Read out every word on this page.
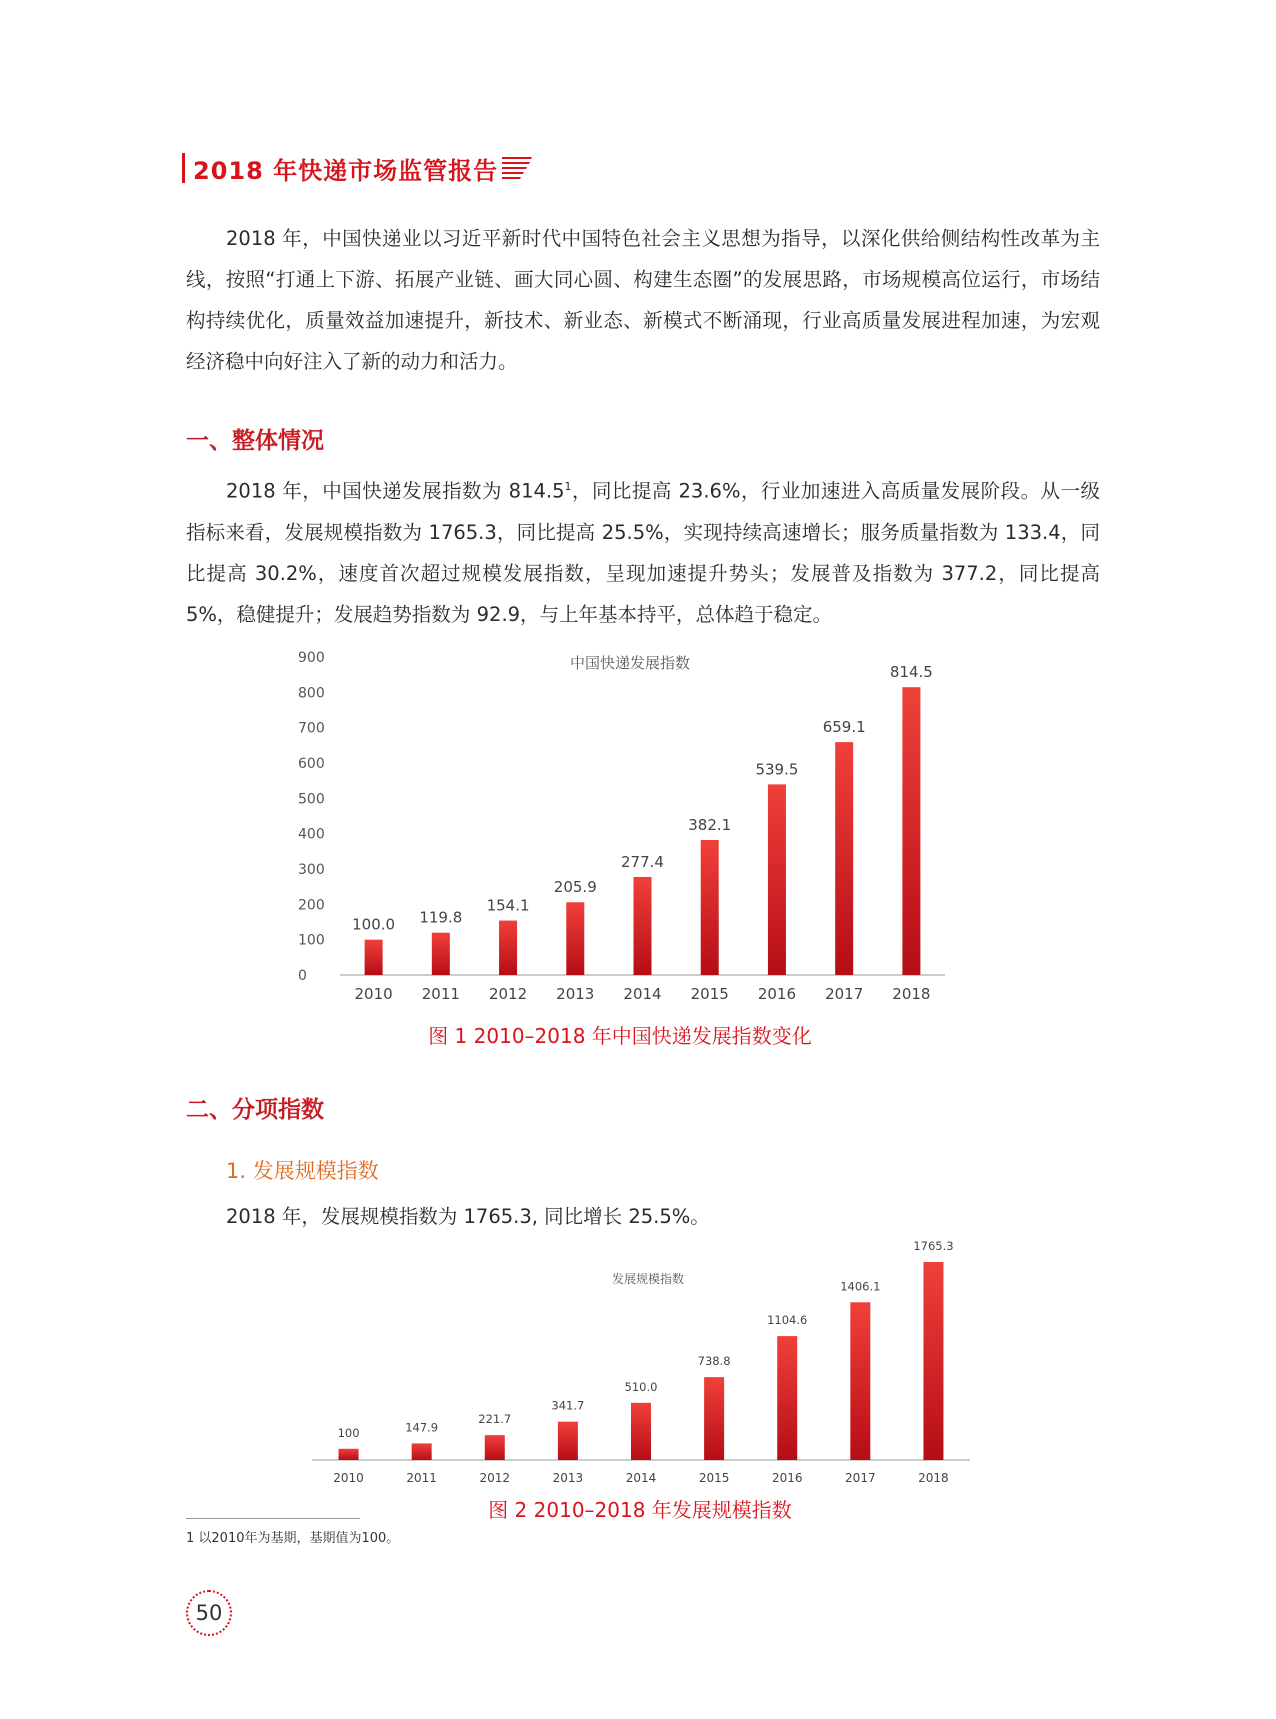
2018 年快递市场监管报告

2018 年，中国快递业以习近平新时代中国特色社会主义思想为指导，以深化供给侧结构性改革为主线，按照“打通上下游、拓展产业链、画大同心圆、构建生态圈”的发展思路，市场规模高位运行，市场结构持续优化，质量效益加速提升，新技术、新业态、新模式不断涌现，行业高质量发展进程加速，为宏观经济稳中向好注入了新的动力和活力。

一、整体情况

2018 年，中国快递发展指数为 814.5$^1$，同比提高 23.6%，行业加速进入高质量发展阶段。从一级指标来看，发展规模指数为 1765.3，同比提高 25.5%，实现持续高速增长；服务质量指数为 133.4，同比提高 30.2%，速度首次超过规模发展指数，呈现加速提升势头；发展普及指数为 377.2，同比提高 5%，稳健提升；发展趋势指数为 92.9，与上年基本持平，总体趋于稳定。

中国快递发展指数
0
100
200
300
400
500
600
700
800
900
100.0
2010
119.8
2011
154.1
2012
205.9
2013
277.4
2014
382.1
2015
539.5
2016
659.1
2017
814.5
2018
图 1 2010–2018 年中国快递发展指数变化
二、分项指数
1. 发展规模指数

2018 年，发展规模指数为 1765.3, 同比增长 25.5%。

发展规模指数
100
2010
147.9
2011
221.7
2012
341.7
2013
510.0
2014
738.8
2015
1104.6
2016
1406.1
2017
1765.3
2018
图 2 2010–2018 年发展规模指数
1 以2010年为基期，基期值为100。
50
